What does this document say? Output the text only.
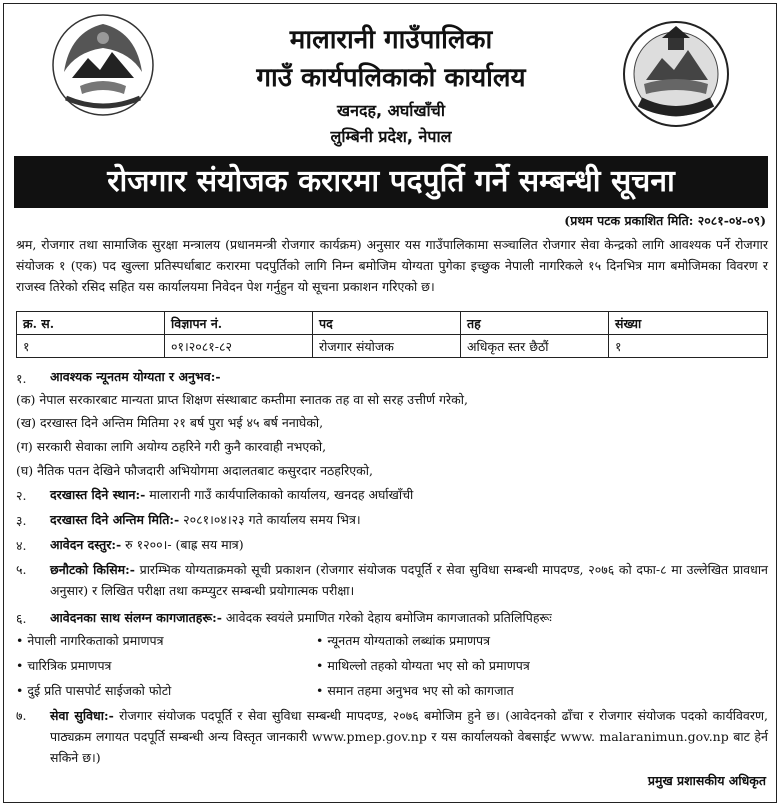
मालारानी गाउँपालिका
गाउँ कार्यपलिकाको कार्यालय
खनदह, अर्घाखाँची
लुम्बिनी प्रदेश, नेपाल
रोजगार संयोजक करारमा पदपुर्ति गर्ने सम्बन्धी सूचना
(प्रथम पटक प्रकाशित मिति: २०८१-०४-०९)
श्रम, रोजगार तथा सामाजिक सुरक्षा मन्त्रालय (प्रधानमन्त्री रोजगार कार्यक्रम) अनुसार यस गाउँपालिकामा सञ्चालित रोजगार सेवा केन्द्रको लागि आवश्यक पर्ने रोजगार संयोजक १ (एक) पद खुल्ला प्रतिस्पर्धाबाट करारमा पदपुर्तिको लागि निम्न बमोजिम योग्यता पुगेका इच्छुक नेपाली नागरिकले १५ दिनभित्र माग बमोजिमका विवरण र राजस्व तिरेको रसिद सहित यस कार्यालयमा निवेदन पेश गर्नुहुन यो सूचना प्रकाशन गरिएको छ।
क्र. स.	विज्ञापन नं.	पद	तह	संख्या
१	०१।२०८१-८२	रोजगार संयोजक	अधिकृत स्तर छैठौं	१
१. आवश्यक न्यूनतम योग्यता र अनुभव:-
(क) नेपाल सरकारबाट मान्यता प्राप्त शिक्षण संस्थाबाट कम्तीमा स्नातक तह वा सो सरह उत्तीर्ण गरेको,
(ख) दरखास्त दिने अन्तिम मितिमा २१ बर्ष पुरा भई ४५ बर्ष ननाघेको,
(ग) सरकारी सेवाका लागि अयोग्य ठहरिने गरी कुनै कारवाही नभएको,
(घ) नैतिक पतन देखिने फौजदारी अभियोगमा अदालतबाट कसुरदार नठहरिएको,
२. दरखास्त दिने स्थान:- मालारानी गाउँ कार्यपालिकाको कार्यालय, खनदह अर्घाखाँची
३. दरखास्त दिने अन्तिम मिति:- २०८१।०४।२३ गते कार्यालय समय भित्र।
४. आवेदन दस्तुर:- रु १२००।- (बाह्र सय मात्र)
५. छनौटको किसिम:- प्रारम्भिक योग्यताक्रमको सूची प्रकाशन (रोजगार संयोजक पदपूर्ति र सेवा सुविधा सम्बन्धी मापदण्ड, २०७६ को दफा-८ मा उल्लेखित प्रावधान अनुसार) र लिखित परीक्षा तथा कम्प्युटर सम्बन्धी प्रयोगात्मक परीक्षा।
६. आवेदनका साथ संलग्न कागजातहरू:- आवेदक स्वयंले प्रमाणित गरेको देहाय बमोजिम कागजातको प्रतिलिपिहरूः
• नेपाली नागरिकताको प्रमाणपत्र
• चारित्रिक प्रमाणपत्र
• दुई प्रति पासपोर्ट साईजको फोटो
• न्यूनतम योग्यताको लब्धांक प्रमाणपत्र
• माथिल्लो तहको योग्यता भए सो को प्रमाणपत्र
• समान तहमा अनुभव भए सो को कागजात
७. सेवा सुविधा:- रोजगार संयोजक पदपूर्ति र सेवा सुविधा सम्बन्धी मापदण्ड, २०७६ बमोजिम हुने छ। (आवेदनको ढाँचा र रोजगार संयोजक पदको कार्यविवरण, पाठ्यक्रम लगायत पदपूर्ति सम्बन्धी अन्य विस्तृत जानकारी www.pmep.gov.np र यस कार्यालयको वेबसाईट www. malaranimun.gov.np बाट हेर्न सकिने छ।)
प्रमुख प्रशासकीय अधिकृत
